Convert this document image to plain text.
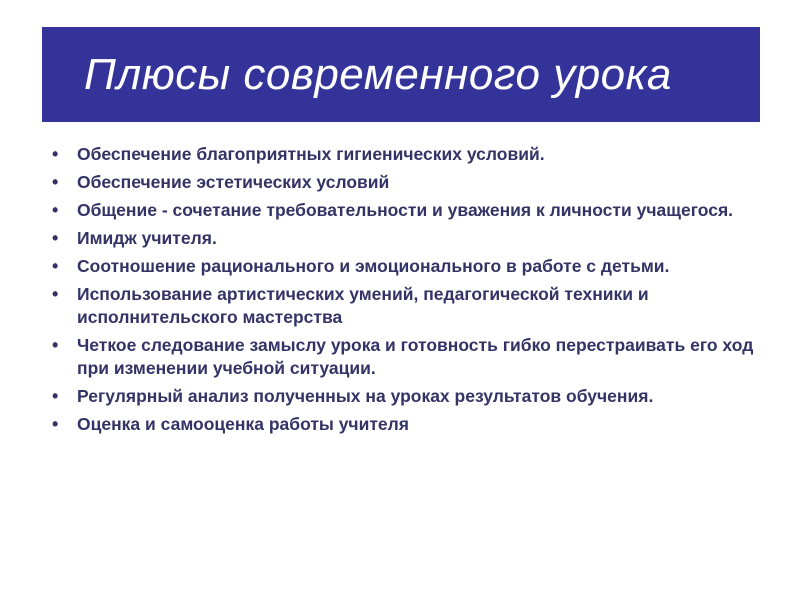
Плюсы современного урока
• Обеспечение благоприятных гигиенических условий.
• Обеспечение эстетических условий
• Общение - сочетание требовательности и уважения к личности учащегося.
• Имидж учителя.
• Соотношение рационального и эмоционального в работе с детьми.
• Использование артистических умений, педагогической техники и исполнительского мастерства
• Четкое следование замыслу урока и готовность гибко перестраивать его ход при изменении учебной ситуации.
• Регулярный анализ полученных на уроках результатов обучения.
• Оценка и самооценка работы учителя
